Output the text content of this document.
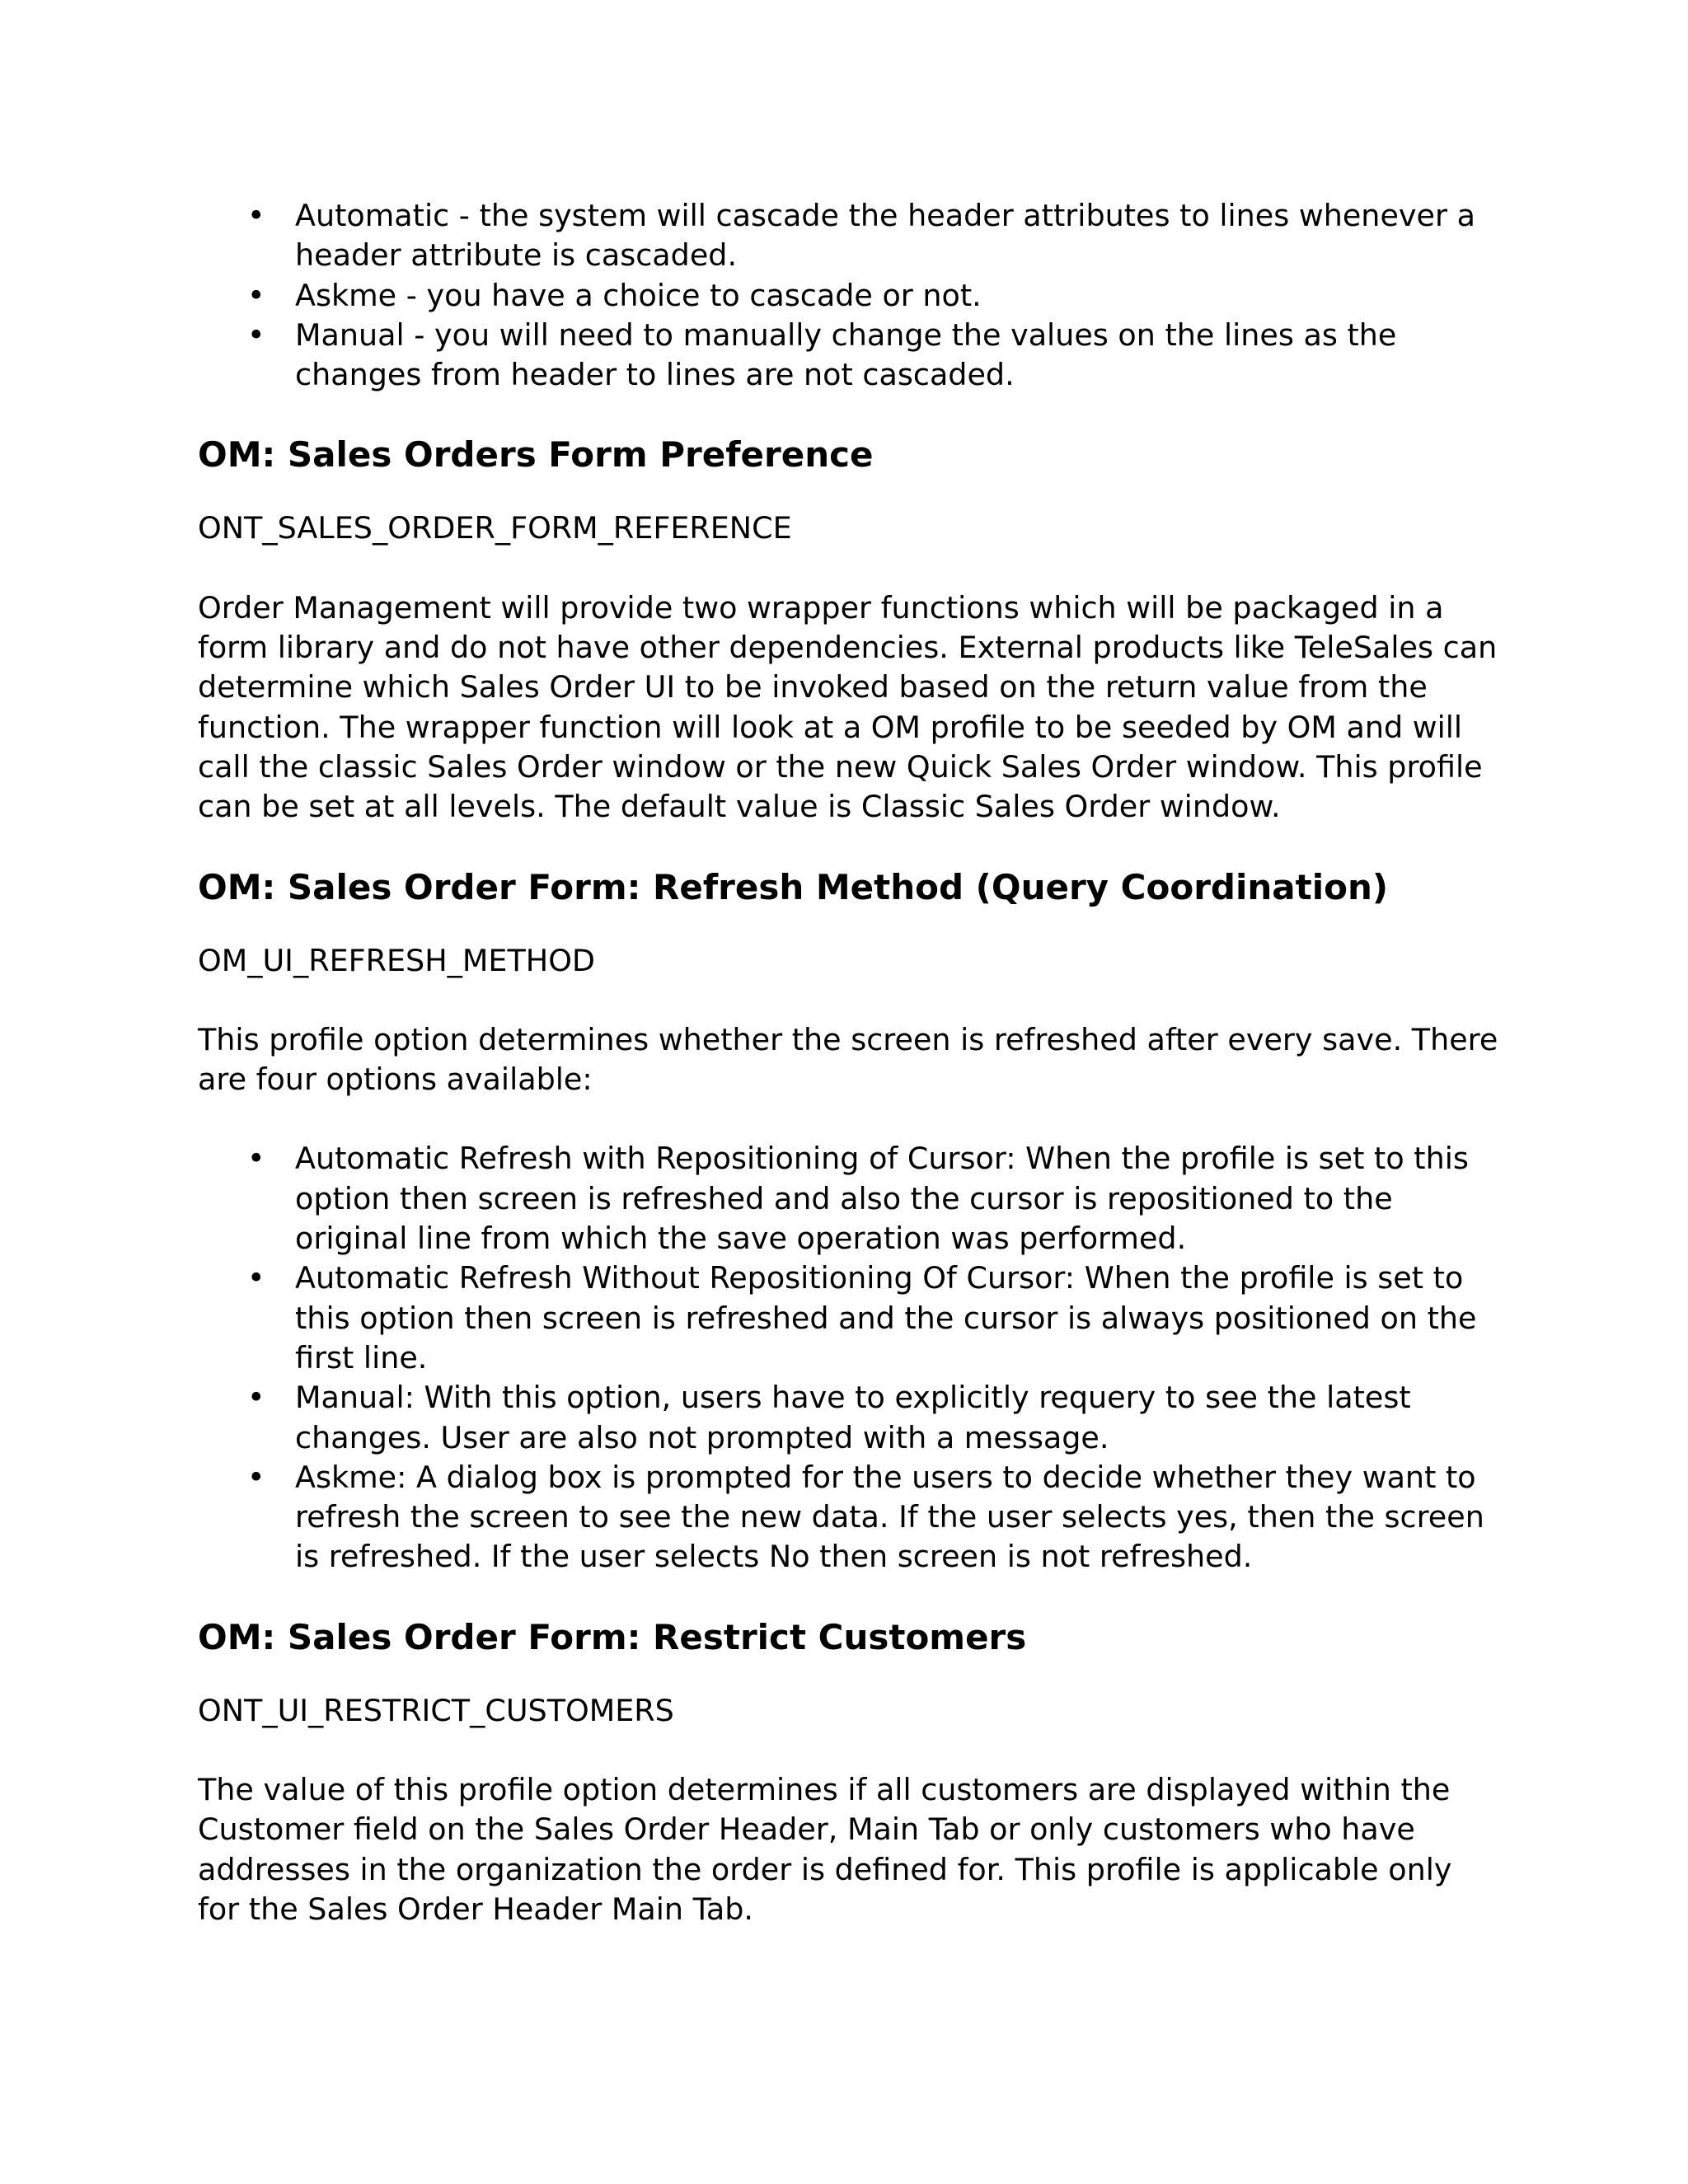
• Automatic - the system will cascade the header attributes to lines whenever a header attribute is cascaded.
• Askme - you have a choice to cascade or not.
• Manual - you will need to manually change the values on the lines as the changes from header to lines are not cascaded.
OM: Sales Orders Form Preference

ONT_SALES_ORDER_FORM_REFERENCE

Order Management will provide two wrapper functions which will be packaged in a form library and do not have other dependencies. External products like TeleSales can determine which Sales Order UI to be invoked based on the return value from the function. The wrapper function will look at a OM profile to be seeded by OM and will call the classic Sales Order window or the new Quick Sales Order window. This profile can be set at all levels. The default value is Classic Sales Order window.

OM: Sales Order Form: Refresh Method (Query Coordination)

OM_UI_REFRESH_METHOD

This profile option determines whether the screen is refreshed after every save. There are four options available:

• Automatic Refresh with Repositioning of Cursor: When the profile is set to this option then screen is refreshed and also the cursor is repositioned to the original line from which the save operation was performed.
• Automatic Refresh Without Repositioning Of Cursor: When the profile is set to this option then screen is refreshed and the cursor is always positioned on the first line.
• Manual: With this option, users have to explicitly requery to see the latest changes. User are also not prompted with a message.
• Askme: A dialog box is prompted for the users to decide whether they want to refresh the screen to see the new data. If the user selects yes, then the screen is refreshed. If the user selects No then screen is not refreshed.
OM: Sales Order Form: Restrict Customers

ONT_UI_RESTRICT_CUSTOMERS

The value of this profile option determines if all customers are displayed within the Customer field on the Sales Order Header, Main Tab or only customers who have addresses in the organization the order is defined for. This profile is applicable only for the Sales Order Header Main Tab.
